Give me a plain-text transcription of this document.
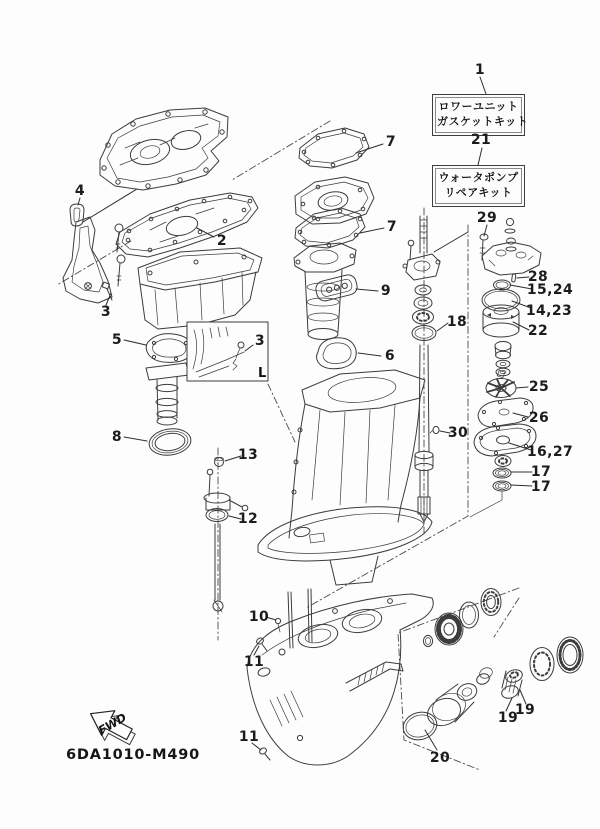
FWD
ロワーユニット
ガスケットキット
ウォータポンプ
リペアキット
1
2
3
3
4
5
6
7
7
8
9
10
11
11
12
13
14,23
15,24
16,27
17
17
18
19
19
20
21
22
25
26
28
29
30
L
6DA1010-M490
